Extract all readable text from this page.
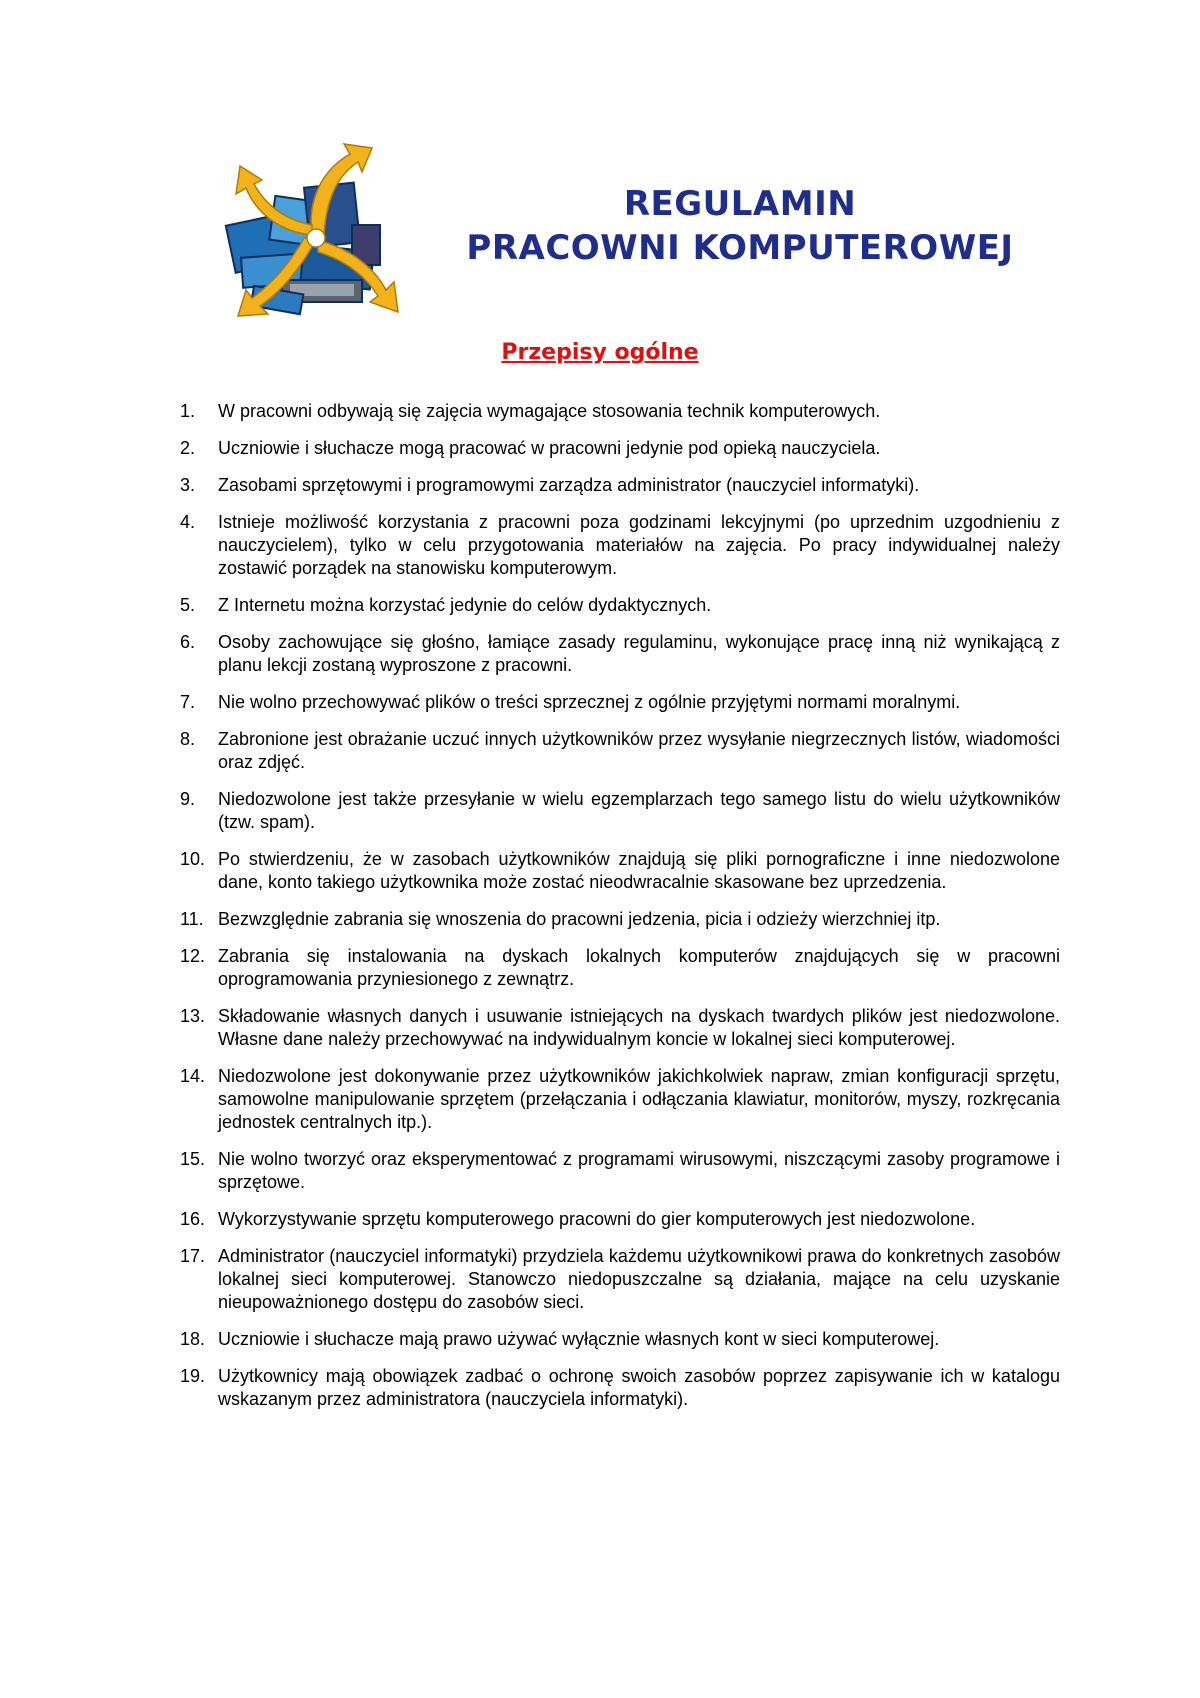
REGULAMIN
PRACOWNI KOMPUTEROWEJ
Przepisy ogólne
1.	W pracowni odbywają się zajęcia wymagające stosowania technik komputerowych.
2.	Uczniowie i słuchacze mogą pracować w pracowni jedynie pod opieką nauczyciela.
3.	Zasobami sprzętowymi i programowymi zarządza administrator (nauczyciel informatyki).
4.	Istnieje możliwość korzystania z pracowni poza godzinami lekcyjnymi (po uprzednim uzgodnieniu z nauczycielem), tylko w celu przygotowania materiałów na zajęcia. Po pracy indywidualnej należy zostawić porządek na stanowisku komputerowym.
5.	Z Internetu można korzystać jedynie do celów dydaktycznych.
6.	Osoby zachowujące się głośno, łamiące zasady regulaminu, wykonujące pracę inną niż wynikającą z planu lekcji zostaną wyproszone z pracowni.
7.	Nie wolno przechowywać plików o treści sprzecznej z ogólnie przyjętymi normami moralnymi.
8.	Zabronione jest obrażanie uczuć innych użytkowników przez wysyłanie niegrzecznych listów, wiadomości oraz zdjęć.
9.	Niedozwolone jest także przesyłanie w wielu egzemplarzach tego samego listu do wielu użytkowników (tzw. spam).
10. Po stwierdzeniu, że w zasobach użytkowników znajdują się pliki pornograficzne i inne niedozwolone dane, konto takiego użytkownika może zostać nieodwracalnie skasowane bez uprzedzenia.
11. Bezwzględnie zabrania się wnoszenia do pracowni jedzenia, picia i odzieży wierzchniej itp.
12. Zabrania się instalowania na dyskach lokalnych komputerów znajdujących się w pracowni oprogramowania przyniesionego z zewnątrz.
13. Składowanie własnych danych i usuwanie istniejących na dyskach twardych plików jest niedozwolone. Własne dane należy przechowywać na indywidualnym koncie w lokalnej sieci komputerowej.
14. Niedozwolone jest dokonywanie przez użytkowników jakichkolwiek napraw, zmian konfiguracji sprzętu, samowolne manipulowanie sprzętem (przełączania i odłączania klawiatur, monitorów, myszy, rozkręcania jednostek centralnych itp.).
15. Nie wolno tworzyć oraz eksperymentować z programami wirusowymi, niszczącymi zasoby programowe i sprzętowe.
16. Wykorzystywanie sprzętu komputerowego pracowni do gier komputerowych jest niedozwolone.
17. Administrator (nauczyciel informatyki) przydziela każdemu użytkownikowi prawa do konkretnych zasobów lokalnej sieci komputerowej. Stanowczo niedopuszczalne są działania, mające na celu uzyskanie nieupoważnionego dostępu do zasobów sieci.
18. Uczniowie i słuchacze mają prawo używać wyłącznie własnych kont w sieci komputerowej.
19. Użytkownicy mają obowiązek zadbać o ochronę swoich zasobów poprzez zapisywanie ich w katalogu wskazanym przez administratora (nauczyciela informatyki).
